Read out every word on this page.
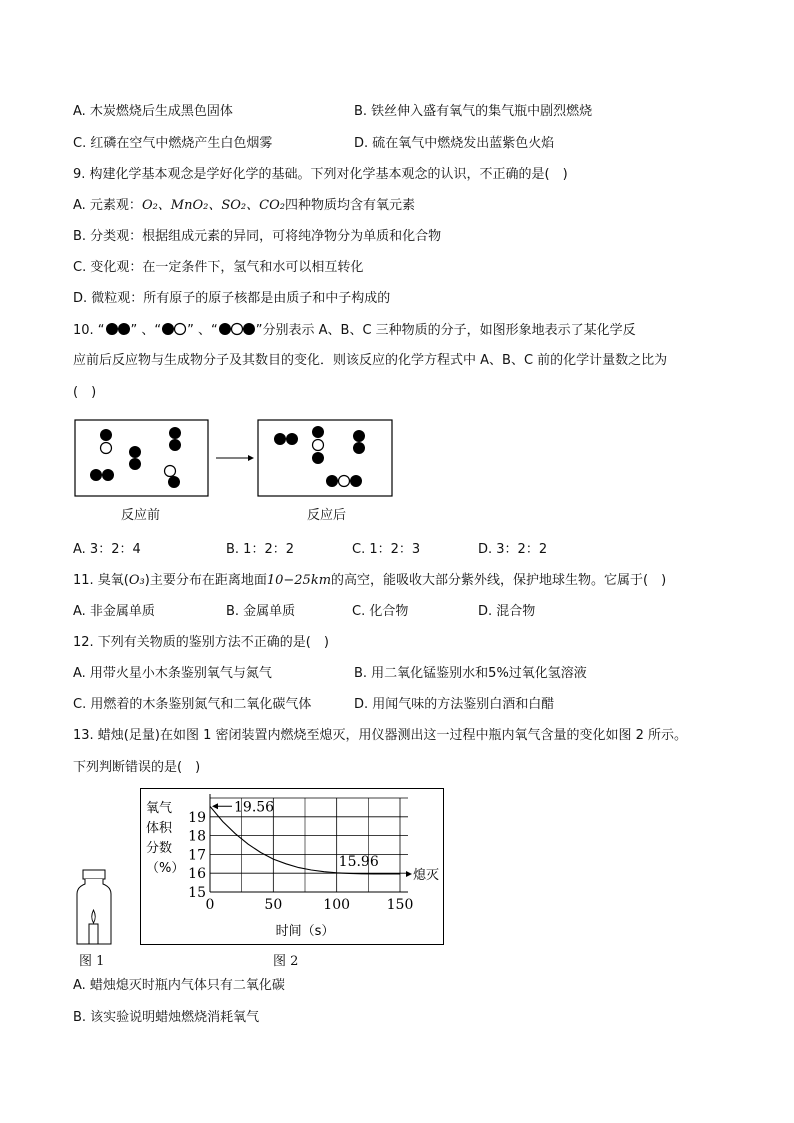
A. 木炭燃烧后生成黑色固体	B. 铁丝伸入盛有氧气的集气瓶中剧烈燃烧
C. 红磷在空气中燃烧产生白色烟雾	D. 硫在氧气中燃烧发出蓝紫色火焰
9. 构建化学基本观念是学好化学的基础。下列对化学基本观念的认识，不正确的是(　)
A. 元素观：O₂、MnO₂、SO₂、CO₂四种物质均含有氧元素
B. 分类观：根据组成元素的异同，可将纯净物分为单质和化合物
C. 变化观：在一定条件下，氢气和水可以相互转化
D. 微粒观：所有原子的原子核都是由质子和中子构成的
10. “ ” 、“ ” 、“	”分别表示 A、B、C 三种物质的分子，如图形象地表示了某化学反
应前后反应物与生成物分子及其数目的变化．则该反应的化学方程式中 A、B、C 前的化学计量数之比为
(　)
反应前	反应后
A. 3：2：4	B. 1：2：2	C. 1：2：3	D. 3：2：2
11. 臭氧(O₃)主要分布在距离地面10−25km的高空，能吸收大部分紫外线，保护地球生物。它属于(　)
A. 非金属单质	B. 金属单质	C. 化合物	D. 混合物
12. 下列有关物质的鉴别方法不正确的是(　)
A. 用带火星小木条鉴别氧气与氮气	B. 用二氧化锰鉴别水和5%过氧化氢溶液
C. 用燃着的木条鉴别氮气和二氧化碳气体	D. 用闻气味的方法鉴别白酒和白醋
13. 蜡烛(足量)在如图 1 密闭装置内燃烧至熄灭，用仪器测出这一过程中瓶内氧气含量的变化如图 2 所示。
下列判断错误的是(　)
图 1
氧气
体积
分数
（%）
15
16
17
18
19
0	50	100	150
时间（s）
19.56
15.96
熄灭
图 2
A. 蜡烛熄灭时瓶内气体只有二氧化碳
B. 该实验说明蜡烛燃烧消耗氧气
